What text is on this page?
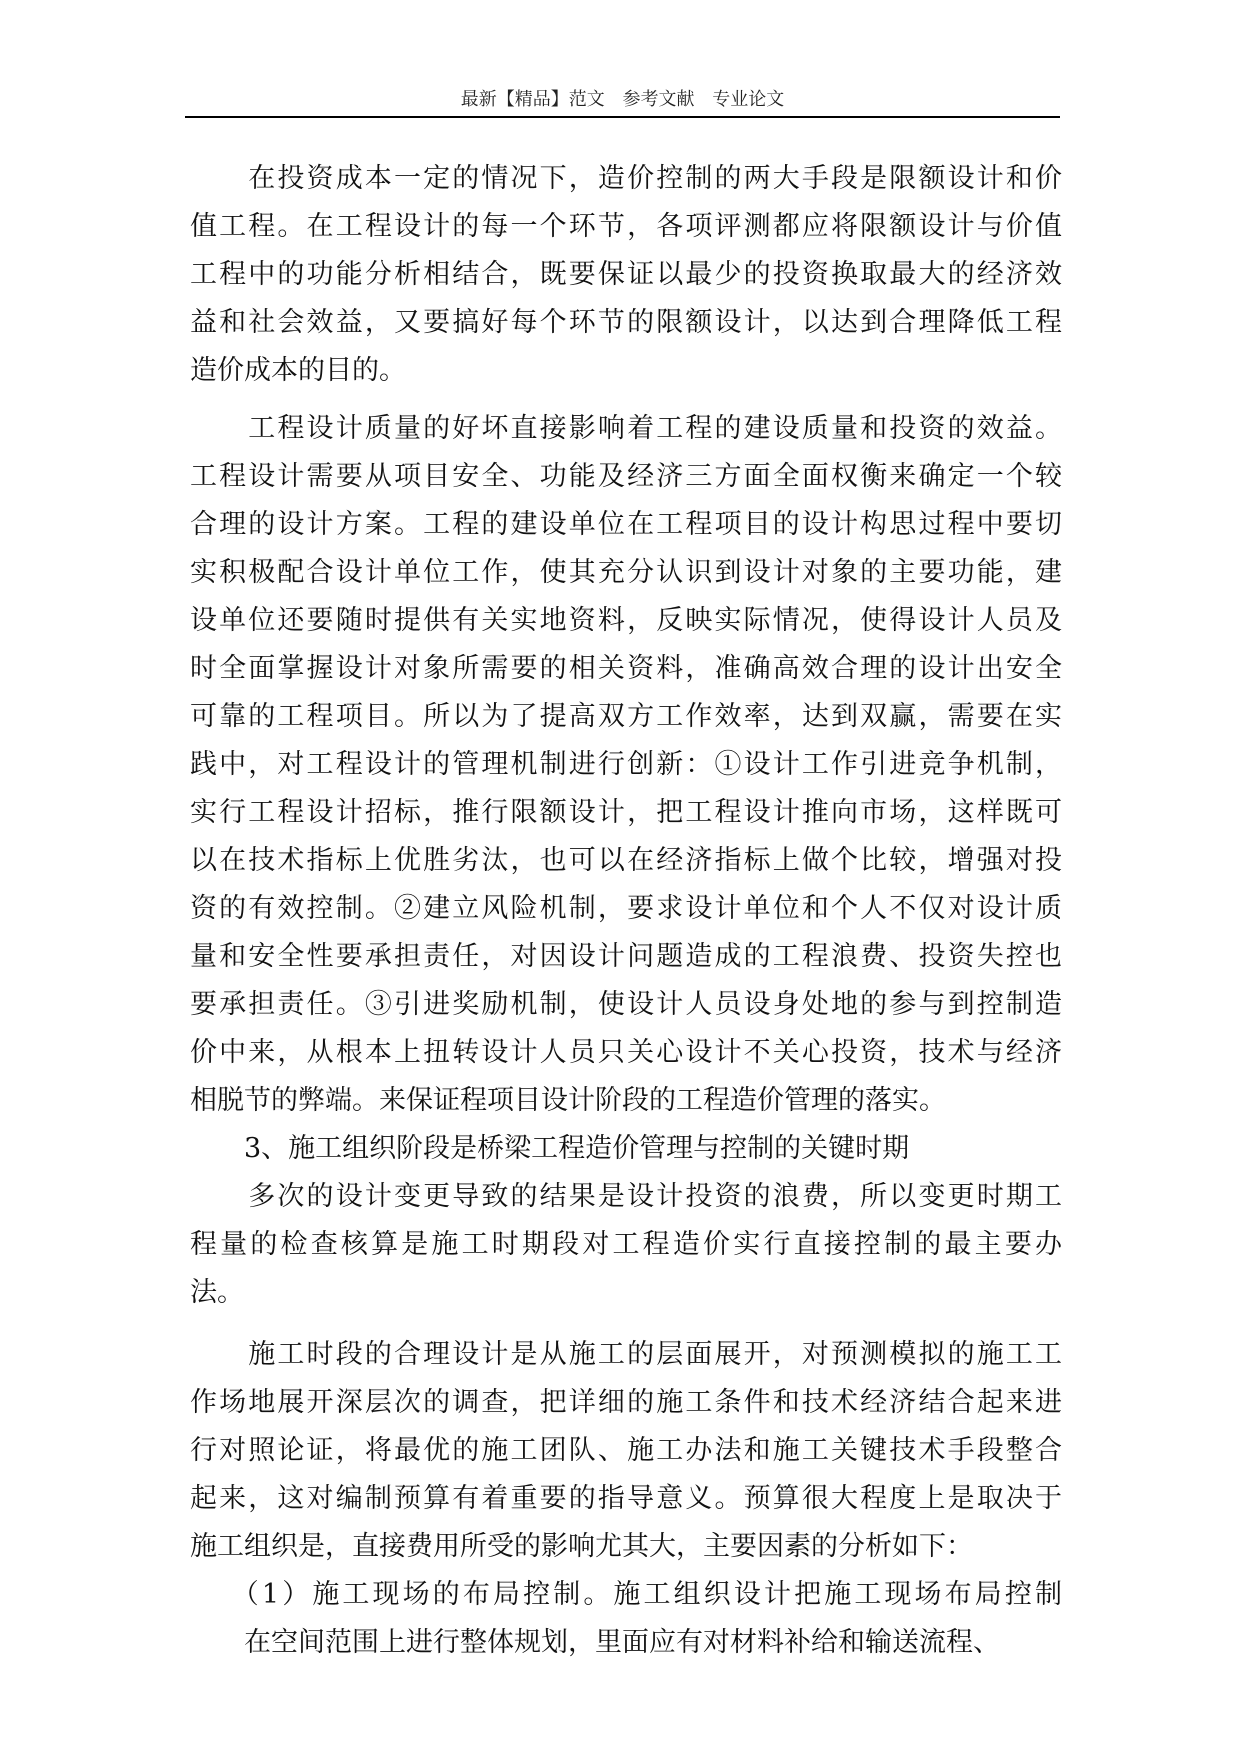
最新【精品】范文 参考文献 专业论文
　　在投资成本一定的情况下，造价控制的两大手段是限额设计和价
值工程。在工程设计的每一个环节，各项评测都应将限额设计与价值
工程中的功能分析相结合，既要保证以最少的投资换取最大的经济效
益和社会效益，又要搞好每个环节的限额设计，以达到合理降低工程
造价成本的目的。
　　工程设计质量的好坏直接影响着工程的建设质量和投资的效益。
工程设计需要从项目安全、功能及经济三方面全面权衡来确定一个较
合理的设计方案。工程的建设单位在工程项目的设计构思过程中要切
实积极配合设计单位工作，使其充分认识到设计对象的主要功能，建
设单位还要随时提供有关实地资料，反映实际情况，使得设计人员及
时全面掌握设计对象所需要的相关资料，准确高效合理的设计出安全
可靠的工程项目。所以为了提高双方工作效率，达到双赢，需要在实
践中，对工程设计的管理机制进行创新：①设计工作引进竞争机制，
实行工程设计招标，推行限额设计，把工程设计推向市场，这样既可
以在技术指标上优胜劣汰，也可以在经济指标上做个比较，增强对投
资的有效控制。②建立风险机制，要求设计单位和个人不仅对设计质
量和安全性要承担责任，对因设计问题造成的工程浪费、投资失控也
要承担责任。③引进奖励机制，使设计人员设身处地的参与到控制造
价中来，从根本上扭转设计人员只关心设计不关心投资，技术与经济
相脱节的弊端。来保证程项目设计阶段的工程造价管理的落实。
　　3、施工组织阶段是桥梁工程造价管理与控制的关键时期
　　多次的设计变更导致的结果是设计投资的浪费，所以变更时期工
程量的检查核算是施工时期段对工程造价实行直接控制的最主要办
法。
　　施工时段的合理设计是从施工的层面展开，对预测模拟的施工工
作场地展开深层次的调查，把详细的施工条件和技术经济结合起来进
行对照论证，将最优的施工团队、施工办法和施工关键技术手段整合
起来，这对编制预算有着重要的指导意义。预算很大程度上是取决于
施工组织是，直接费用所受的影响尤其大，主要因素的分析如下：
　 （1）施工现场的布局控制。施工组织设计把施工现场布局控制
　　在空间范围上进行整体规划，里面应有对材料补给和输送流程、
